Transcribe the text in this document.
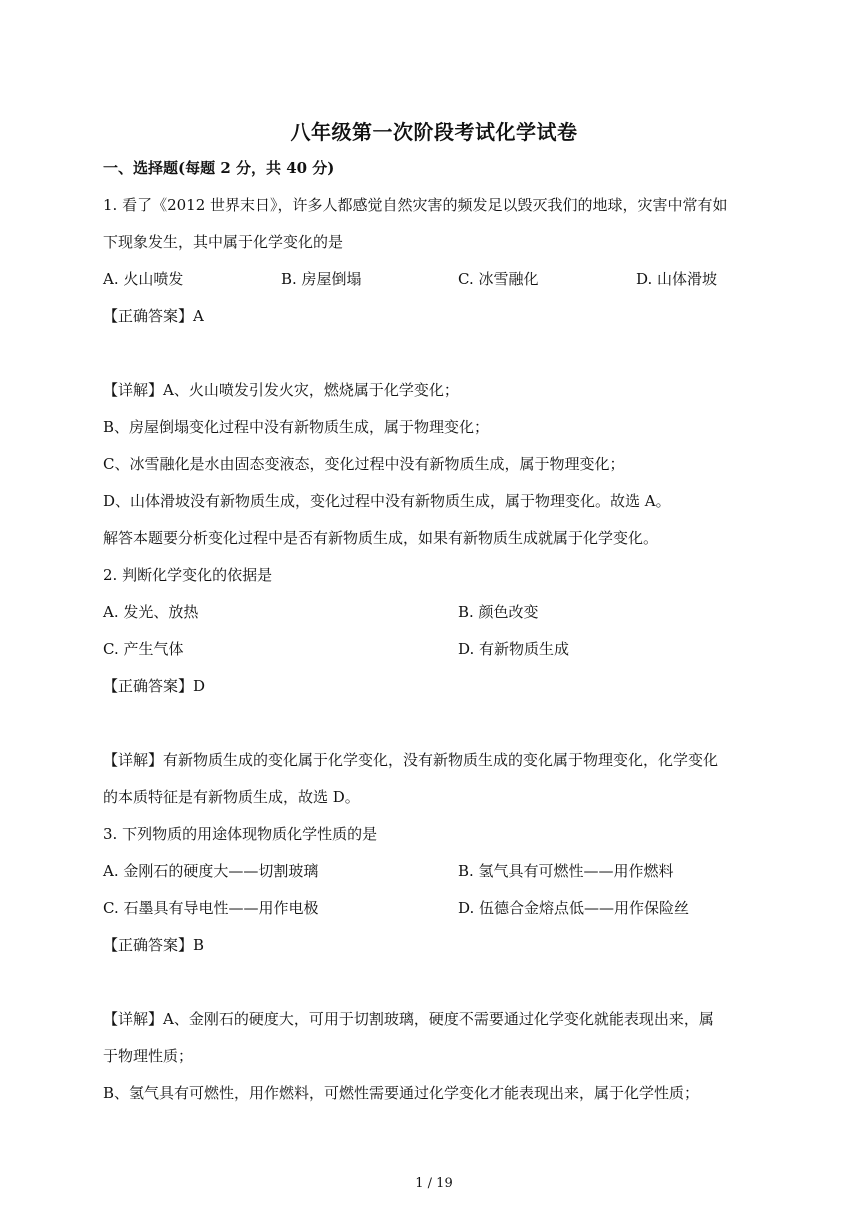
八年级第一次阶段考试化学试卷
一、选择题(每题 2 分，共 40 分)
1. 看了《2012 世界末日》，许多人都感觉自然灾害的频发足以毁灭我们的地球，灾害中常有如
下现象发生，其中属于化学变化的是
A. 火山喷发	B. 房屋倒塌	C. 冰雪融化	D. 山体滑坡
【正确答案】A
【详解】A、火山喷发引发火灾，燃烧属于化学变化；
B、房屋倒塌变化过程中没有新物质生成，属于物理变化；
C、冰雪融化是水由固态变液态，变化过程中没有新物质生成，属于物理变化；
D、山体滑坡没有新物质生成，变化过程中没有新物质生成，属于物理变化。故选 A。
解答本题要分析变化过程中是否有新物质生成，如果有新物质生成就属于化学变化。
2. 判断化学变化的依据是
A. 发光、放热	B. 颜色改变
C. 产生气体	D. 有新物质生成
【正确答案】D
【详解】有新物质生成的变化属于化学变化，没有新物质生成的变化属于物理变化，化学变化
的本质特征是有新物质生成，故选 D。
3. 下列物质的用途体现物质化学性质的是
A. 金刚石的硬度大——切割玻璃	B. 氢气具有可燃性——用作燃料
C. 石墨具有导电性——用作电极	D. 伍德合金熔点低——用作保险丝
【正确答案】B
【详解】A、金刚石的硬度大，可用于切割玻璃，硬度不需要通过化学变化就能表现出来，属
于物理性质；
B、氢气具有可燃性，用作燃料，可燃性需要通过化学变化才能表现出来，属于化学性质；
1 / 19
